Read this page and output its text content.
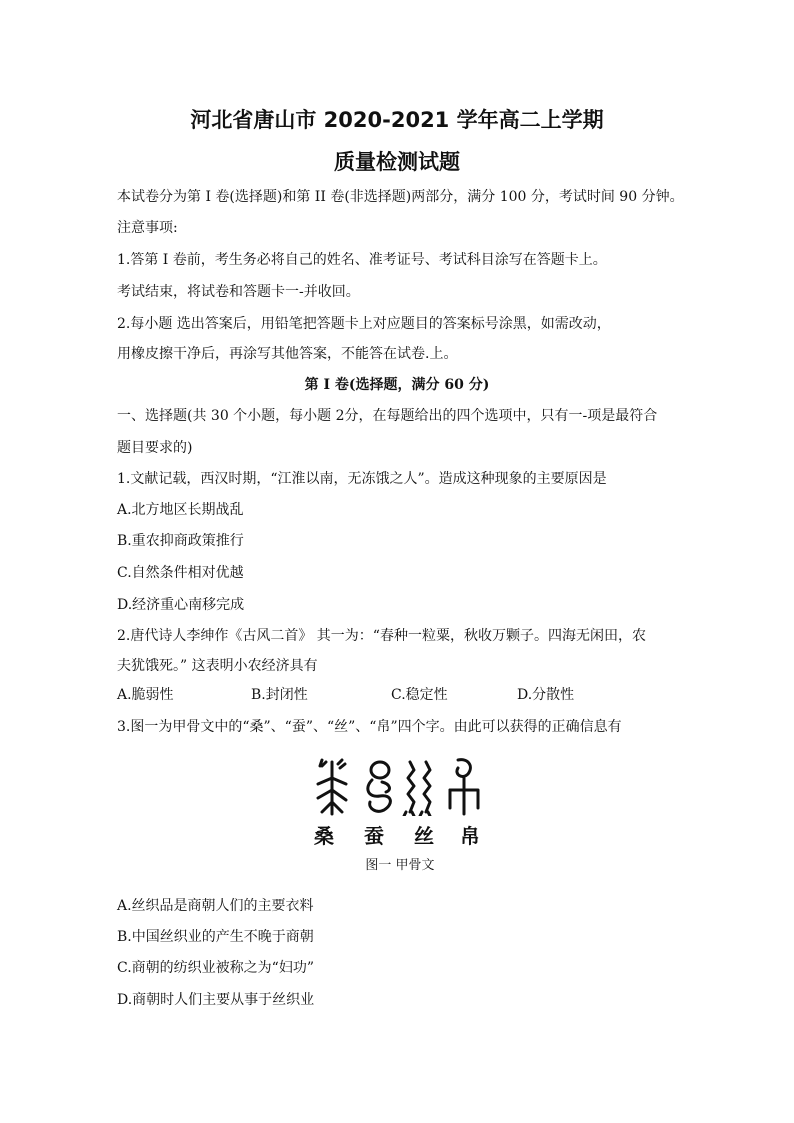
河北省唐山市 2020-2021 学年高二上学期
质量检测试题
本试卷分为第 I 卷(选择题)和第 II 卷(非选择题)两部分，满分 100 分，考试时间 90 分钟。
注意事项:
1.答第 I 卷前，考生务必将自己的姓名、准考证号、考试科目涂写在答题卡上。
考试结束，将试卷和答题卡一-并收回。
2.每小题 选出答案后，用铅笔把答题卡上对应题目的答案标号涂黑，如需改动，
用橡皮擦干净后，再涂写其他答案，不能答在试卷.上。
第 I 卷(选择题，满分 60 分)
一、选择题(共 30 个小题，每小题 2分，在每题给出的四个选项中，只有一-项是最符合
题目要求的)
1.文献记载，西汉时期，“江淮以南，无冻饿之人”。造成这种现象的主要原因是
A.北方地区长期战乱
B.重农抑商政策推行
C.自然条件相对优越
D.经济重心南移完成
2.唐代诗人李绅作《古风二首》 其一为：“春种一粒粟，秋收万颗子。四海无闲田，农
夫犹饿死。” 这表明小农经济具有
A.脆弱性	B.封闭性	C.稳定性	D.分散性
3.图一为甲骨文中的“桑”、“蚕”、“丝”、“帛”四个字。由此可以获得的正确信息有
桑 蚕 丝 帛
图一 甲骨文
A.丝织品是商朝人们的主要衣料
B.中国丝织业的产生不晚于商朝
C.商朝的纺织业被称之为“妇功”
D.商朝时人们主要从事于丝织业
